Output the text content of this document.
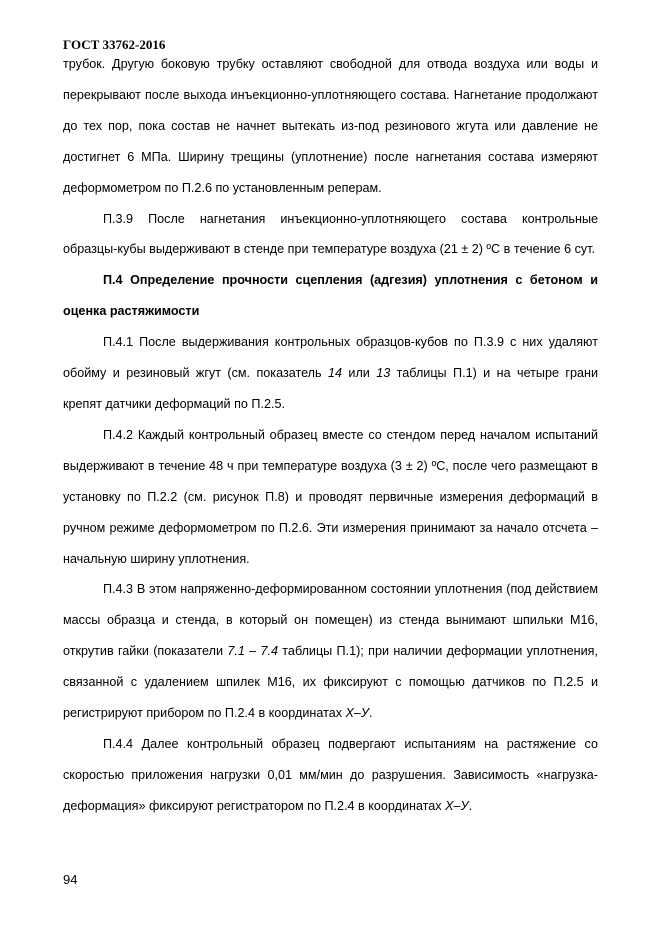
ГОСТ 33762-2016

трубок. Другую боковую трубку оставляют свободной для отвода воздуха или воды и перекрывают после выхода инъекционно-уплотняющего состава. Нагнетание продолжают до тех пор, пока состав не начнет вытекать из-под резинового жгута или давление не достигнет 6 МПа. Ширину трещины (уплотнение) после нагнетания состава измеряют деформометром по П.2.6 по установленным реперам.

П.3.9 После нагнетания инъекционно-уплотняющего состава контрольные образцы-кубы выдерживают в стенде при температуре воздуха (21 ± 2) ºС в течение 6 сут.

П.4 Определение прочности сцепления (адгезия) уплотнения с бетоном и оценка растяжимости

П.4.1 После выдерживания контрольных образцов-кубов по П.3.9 с них удаляют обойму и резиновый жгут (см. показатель 14 или 13 таблицы П.1) и на четыре грани крепят датчики деформаций по П.2.5.

П.4.2 Каждый контрольный образец вместе со стендом перед началом испытаний выдерживают в течение 48 ч при температуре воздуха (3 ± 2) ºС, после чего размещают в установку по П.2.2 (см. рисунок П.8) и проводят первичные измерения деформаций в ручном режиме деформометром по П.2.6. Эти измерения принимают за начало отсчета – начальную ширину уплотнения.

П.4.3 В этом напряженно-деформированном состоянии уплотнения (под действием массы образца и стенда, в который он помещен) из стенда вынимают шпильки М16, открутив гайки (показатели 7.1 – 7.4 таблицы П.1); при наличии деформации уплотнения, связанной с удалением шпилек М16, их фиксируют с помощью датчиков по П.2.5 и регистрируют прибором по П.2.4 в координатах Х–У.

П.4.4 Далее контрольный образец подвергают испытаниям на растяжение со скоростью приложения нагрузки 0,01 мм/мин до разрушения. Зависимость «нагрузка-деформация» фиксируют регистратором по П.2.4 в координатах Х–У.

94
